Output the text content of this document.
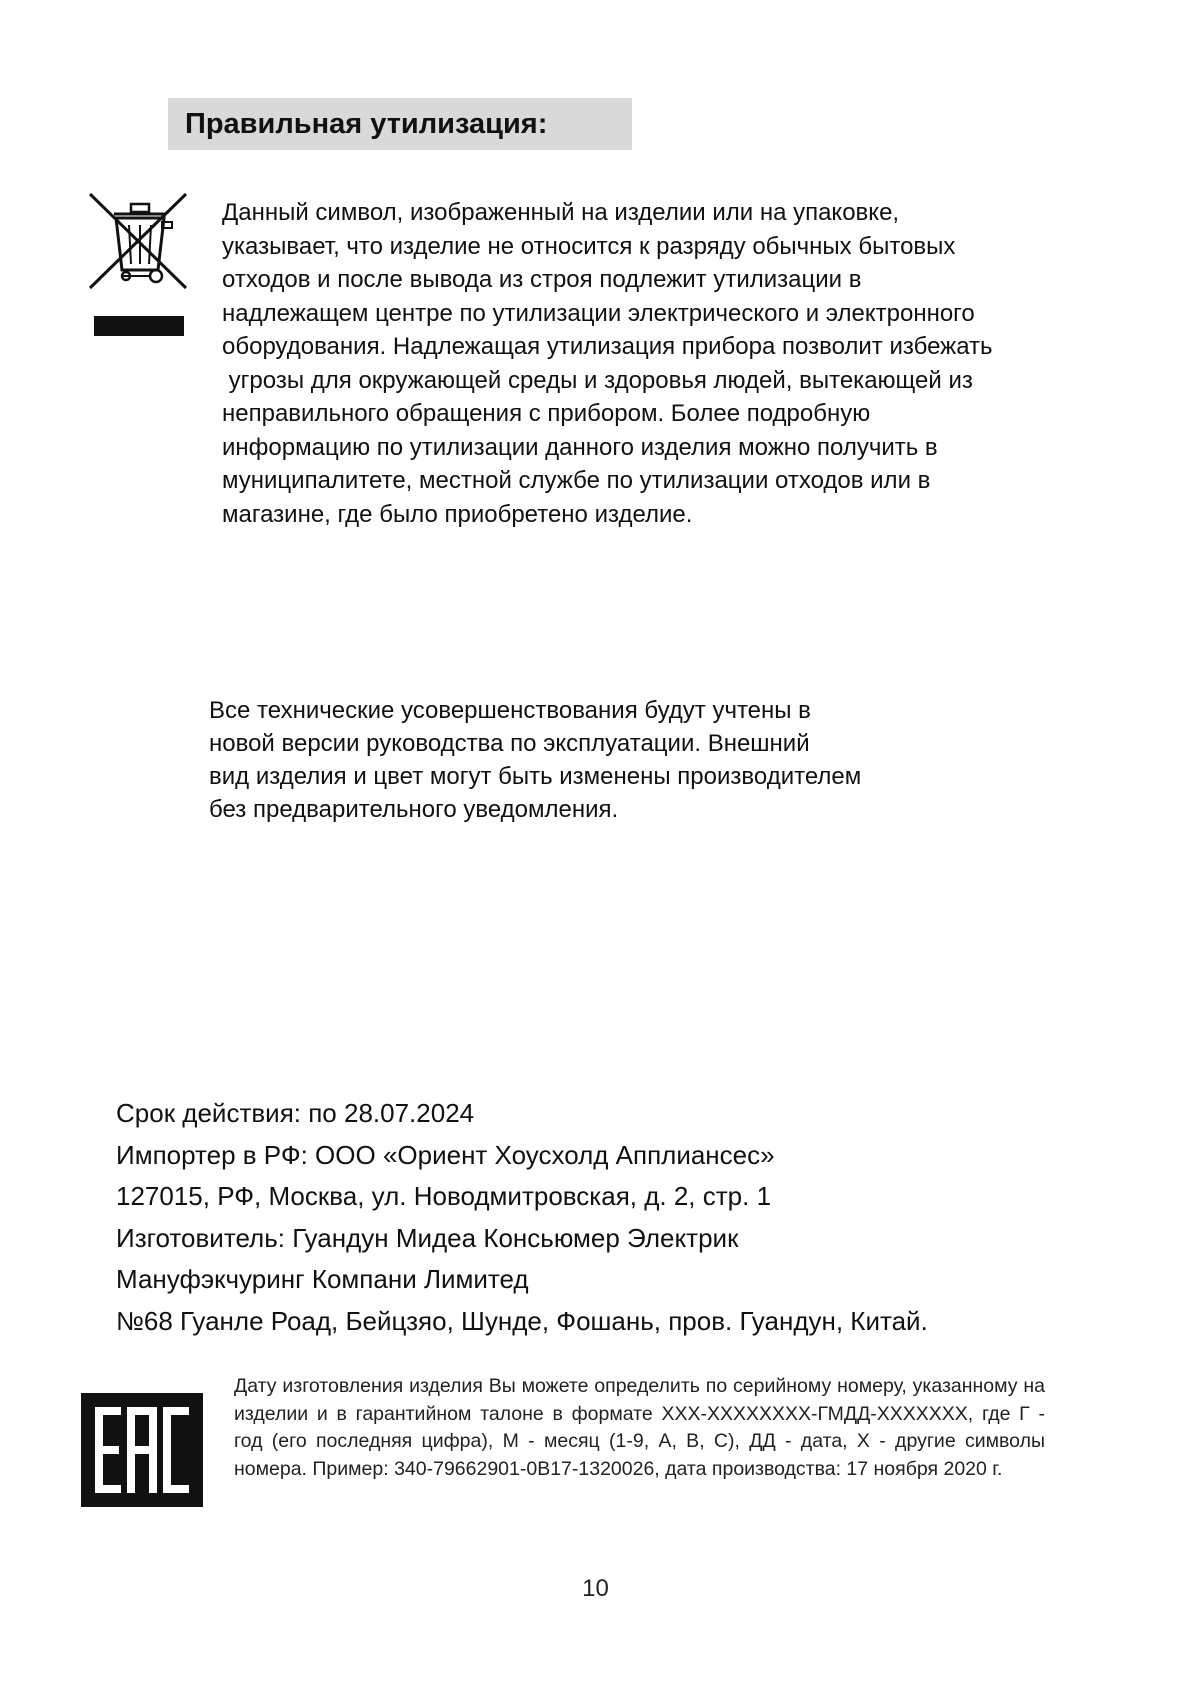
Правильная утилизация:
Данный символ, изображенный на изделии или на упаковке,
указывает, что изделие не относится к разряду обычных бытовых
отходов и после вывода из строя подлежит утилизации в
надлежащем центре по утилизации электрического и электронного
оборудования. Надлежащая утилизация прибора позволит избежать
угрозы для окружающей среды и здоровья людей, вытекающей из
неправильного обращения с прибором. Более подробную
информацию по утилизации данного изделия можно получить в
муниципалитете, местной службе по утилизации отходов или в
магазине, где было приобретено изделие.
Все технические усовершенствования будут учтены в
новой версии руководства по эксплуатации. Внешний
вид изделия и цвет могут быть изменены производителем
без предварительного уведомления.
Срок действия: по 28.07.2024
Импортер в РФ: ООО «Ориент Хоусхолд Апплиансес»
127015, РФ, Москва, ул. Новодмитровская, д. 2, стр. 1
Изготовитель: Гуандун Мидеа Консьюмер Электрик
Мануфэкчуринг Компани Лимитед
№68 Гуанле Роад, Бейцзяо, Шунде, Фошань, пров. Гуандун, Китай.
Дату изготовления изделия Вы можете определить по серийному номеру, указанному на изделии и в гарантийном талоне в формате XXX-XXXXXXXX-ГМДД-XXXXXXX, где Г - год (его последняя цифра), М - месяц (1-9, A, B, C), ДД - дата, X - другие символы номера. Пример: 340-79662901-0B17-1320026, дата производства: 17 ноября 2020 г.
10
